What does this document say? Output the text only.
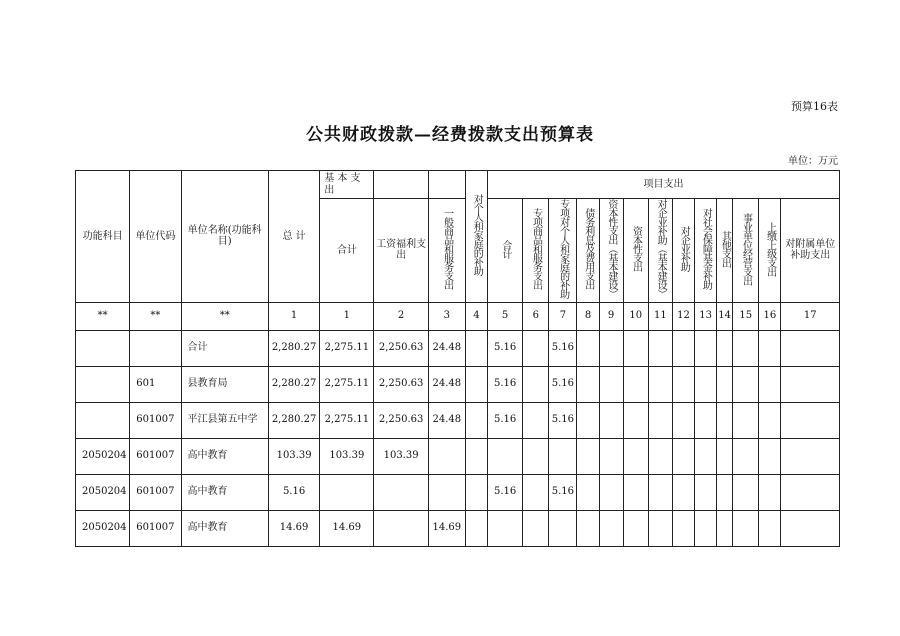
预算16表
公共财政拨款—经费拨款支出预算表
单位：万元
功能科目	单位代码	单位名称(功能科目)	总 计	基 本 支 出			对个人和家庭的补助	项目支出												
				合计	工资福利支出	一般商品和服务支出		合计	专项商品和服务支出	专项对个人和家庭的补助	债务利息及费用支出	资本性支出（基本建设）	资本性支出	对企业补助（基本建设）	对企业补助	对社会保障基金补助	其他支出	事业单位经营支出	上缴上级支出	对附属单位补助支出
**	**	**	1	1	2	3	4	5	6	7	8	9	10	11	12	13	14	15	16	17
		合计	2,280.27	2,275.11	2,250.63	24.48		5.16		5.16										
	601	县教育局	2,280.27	2,275.11	2,250.63	24.48		5.16		5.16										
	601007	平江县第五中学	2,280.27	2,275.11	2,250.63	24.48		5.16		5.16										
2050204	601007	高中教育	103.39	103.39	103.39															
2050204	601007	高中教育	5.16					5.16		5.16										
2050204	601007	高中教育	14.69	14.69		14.69														
